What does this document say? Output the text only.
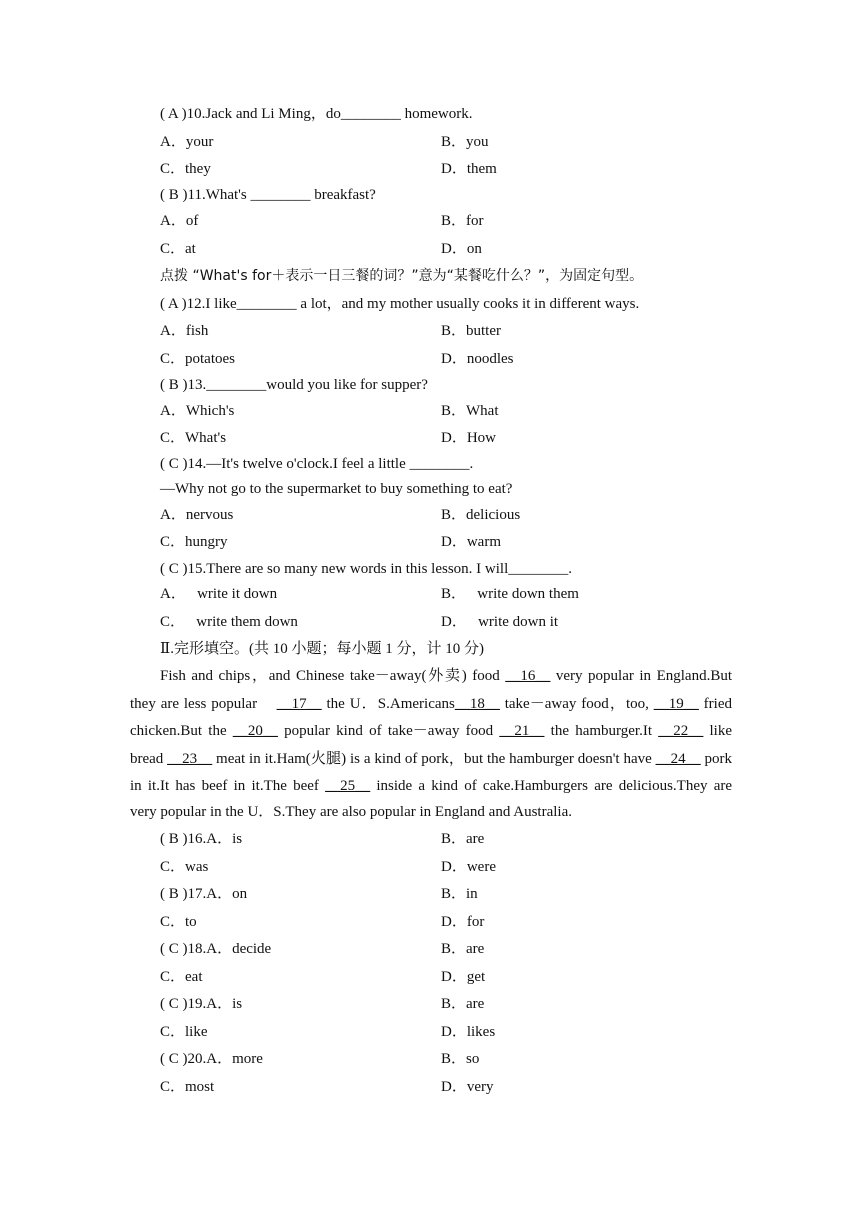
( A )10.Jack and Li Ming，do________ homework.
A．your	B．you
C．they	D．them
( B )11.What's ________ breakfast?
A．of	B．for
C．at	D．on
点拨 “What's for＋表示一日三餐的词？”意为“某餐吃什么？”，为固定句型。
( A )12.I like________ a lot，and my mother usually cooks it in different ways.
A．fish	B．butter
C．potatoes	D．noodles
( B )13.________would you like for supper?
A．Which's	B．What
C．What's	D．How
( C )14.—It's twelve o'clock.I feel a little ________.
—Why not go to the supermarket to buy something to eat?
A．nervous	B．delicious
C．hungry	D．warm
( C )15.There are so many new words in this lesson. I will________.
A．   write it down	B．   write down them
C．   write them down	D．   write down it
Ⅱ.完形填空。(共 10 小题；每小题 1 分，计 10 分)
Fish and chips，and Chinese take－away(外卖) food __16__ very popular in England.But
they are less popular    __17__ the U．S.Americans__18__ take－away food，too, __19__ fried
chicken.But the __20__ popular kind of take－away food __21__ the hamburger.It __22__ like
bread __23__ meat in it.Ham(火腿) is a kind of pork，but the hamburger doesn't have __24__ pork
in it.It has beef in it.The beef __25__ inside a kind of cake.Hamburgers are delicious.They are
very popular in the U．S.They are also popular in England and Australia.
( B )16.A．is	B．are
C．was	D．were
( B )17.A．on	B．in
C．to	D．for
( C )18.A．decide	B．are
C．eat	D．get
( C )19.A．is	B．are
C．like	D．likes
( C )20.A．more	B．so
C．most	D．very
